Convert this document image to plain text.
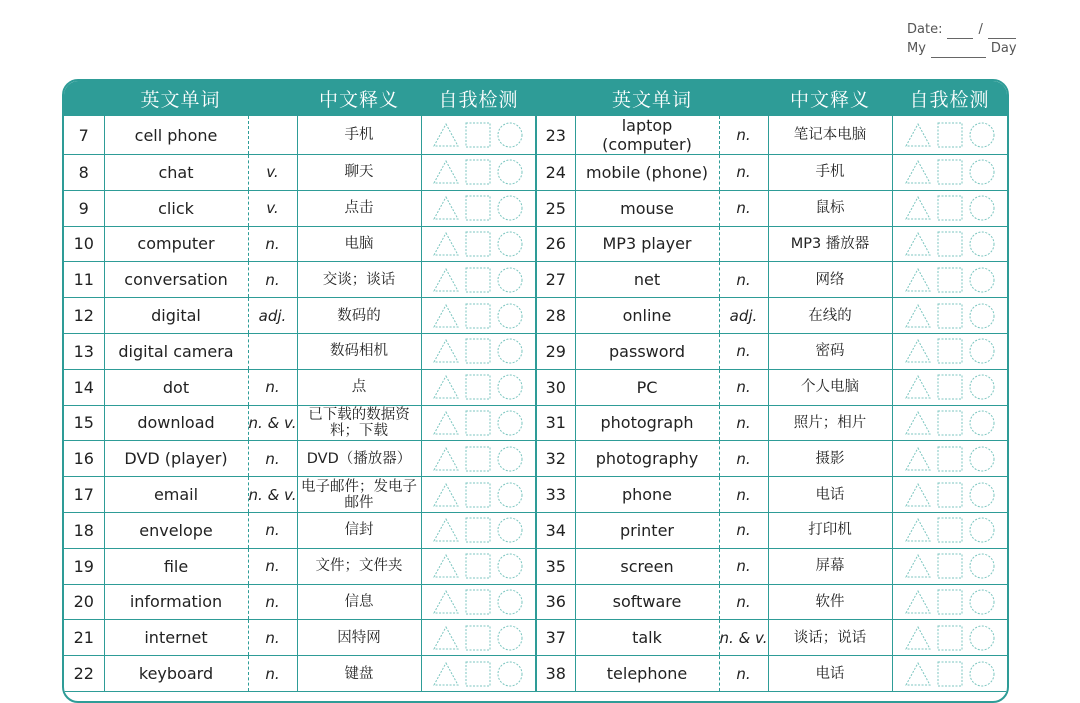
Date:	/
My	Day
英文单词			中文释义	自我检测	英文单词			中文释义	自我检测
7	cell phone		手机		23	laptop (computer)	n.	笔记本电脑	

8	chat	v.	聊天		24	mobile (phone)	n.	手机	

9	click	v.	点击		25	mouse	n.	鼠标	

10	computer	n.	电脑		26	MP3 player		MP3 播放器	

11	conversation	n.	交谈；谈话		27	net	n.	网络	

12	digital	adj.	数码的		28	online	adj.	在线的	

13	digital camera		数码相机		29	password	n.	密码	

14	dot	n.	点		30	PC	n.	个人电脑	

15	download	n. & v.	已下载的数据资料；下载		31	photograph	n.	照片；相片	

16	DVD (player)	n.	DVD（播放器）		32	photography	n.	摄影	

17	email	n. & v.	电子邮件；发电子邮件		33	phone	n.	电话	

18	envelope	n.	信封		34	printer	n.	打印机	

19	file	n.	文件；文件夹		35	screen	n.	屏幕	

20	information	n.	信息		36	software	n.	软件	

21	internet	n.	因特网		37	talk	n. & v.	谈话；说话	

22	keyboard	n.	键盘		38	telephone	n.	电话	
